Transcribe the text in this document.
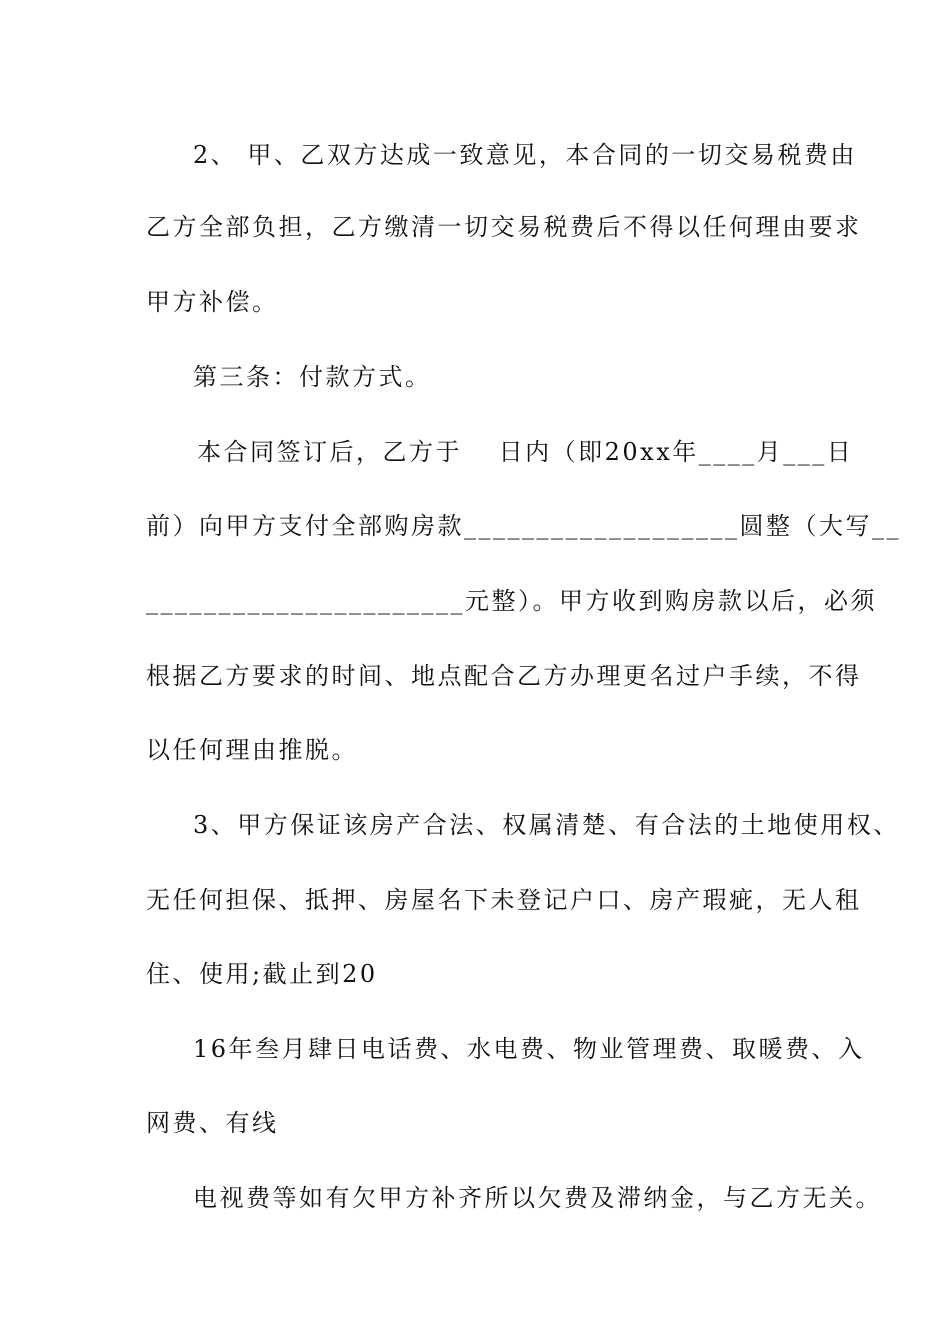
2、 甲、乙双方达成一致意见，本合同的一切交易税费由
乙方全部负担，乙方缴清一切交易税费后不得以任何理由要求
甲方补偿。
第三条：付款方式。
本合同签订后，乙方于　 日内（即20xx年____月___日
前）向甲方支付全部购房款___________________圆整（大写__
______________________元整）。甲方收到购房款以后，必须
根据乙方要求的时间、地点配合乙方办理更名过户手续，不得
以任何理由推脱。
3、甲方保证该房产合法、权属清楚、有合法的土地使用权、
无任何担保、抵押、房屋名下未登记户口、房产瑕疵，无人租
住、使用;截止到20
16年叁月肆日电话费、水电费、物业管理费、取暖费、入
网费、有线
电视费等如有欠甲方补齐所以欠费及滞纳金，与乙方无关。
